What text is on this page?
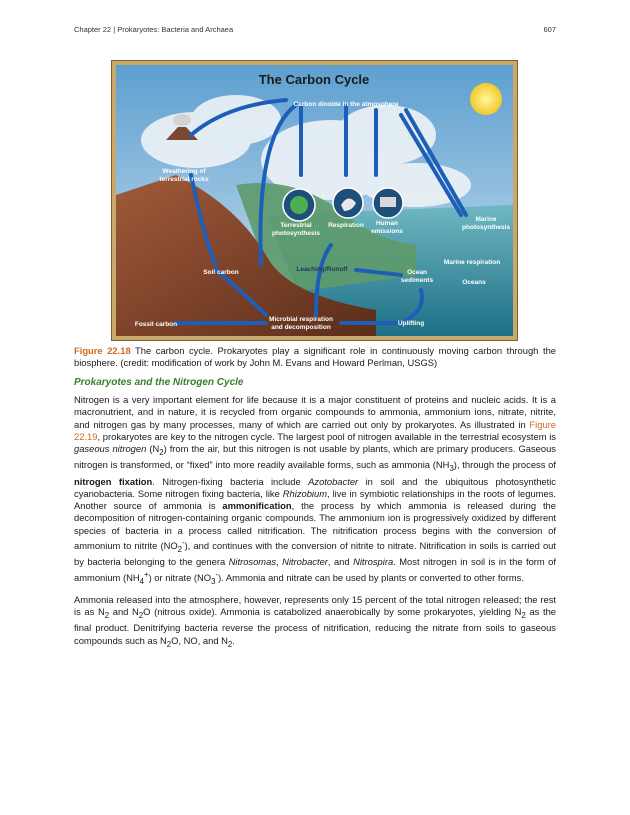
Chapter 22 | Prokaryotes: Bacteria and Archaea	607
The Carbon Cycle
Carbon dioxide in the atmosphere
Weathering of
terrestrial rocks
Terrestrial
photosynthesis
Respiration Human
emissions
Marine
photosynthesis
Soil carbon	Leaching/Runoff	Ocean
sediments
Marine respiration
Oceans
Fossil carbon
Microbial respiration
and decomposition
Uplifting
Figure 22.18 The carbon cycle. Prokaryotes play a significant role in continuously moving carbon through the biosphere. (credit: modification of work by John M. Evans and Howard Perlman, USGS)
Prokaryotes and the Nitrogen Cycle

Nitrogen is a very important element for life because it is a major constituent of proteins and nucleic acids. It is a macronutrient, and in nature, it is recycled from organic compounds to ammonia, ammonium ions, nitrate, nitrite, and nitrogen gas by many processes, many of which are carried out only by prokaryotes. As illustrated in Figure 22.19, prokaryotes are key to the nitrogen cycle. The largest pool of nitrogen available in the terrestrial ecosystem is gaseous nitrogen $(N_2)$ from the air, but this nitrogen is not usable by plants, which are primary producers. Gaseous nitrogen is transformed, or “fixed” into more readily available forms, such as ammonia $(NH_3)$, through the process of nitrogen fixation. Nitrogen-fixing bacteria include Azotobacter in soil and the ubiquitous photosynthetic cyanobacteria. Some nitrogen fixing bacteria, like Rhizobium, live in symbiotic relationships in the roots of legumes. Another source of ammonia is ammonification, the process by which ammonia is released during the decomposition of nitrogen-containing organic compounds. The ammonium ion is progressively oxidized by different species of bacteria in a process called nitrification. The nitrification process begins with the conversion of ammonium to nitrite $(NO_2^-)$, and continues with the conversion of nitrite to nitrate. Nitrification in soils is carried out by bacteria belonging to the genera Nitrosomas, Nitrobacter, and Nitrospira. Most nitrogen in soil is in the form of ammonium $(NH_4^+)$ or nitrate $(NO_3^-)$. Ammonia and nitrate can be used by plants or converted to other forms.

Ammonia released into the atmosphere, however, represents only 15 percent of the total nitrogen released; the rest is as $N_2$ and $N_2O$ (nitrous oxide). Ammonia is catabolized anaerobically by some prokaryotes, yielding $N_2$ as the final product. Denitrifying bacteria reverse the process of nitrification, reducing the nitrate from soils to gaseous compounds such as $N_2O$, NO, and $N_2$.
